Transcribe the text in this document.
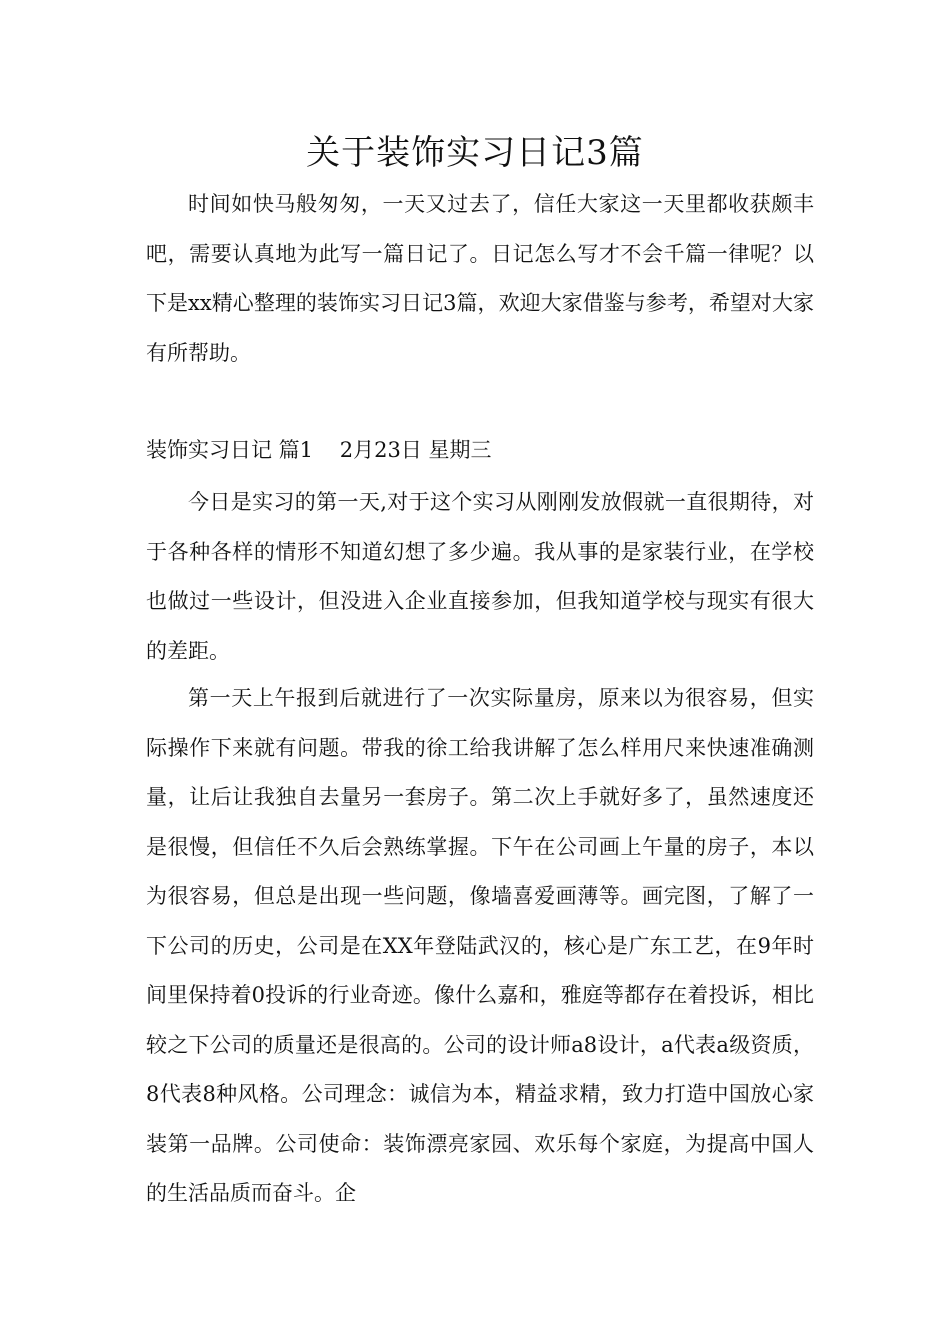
关于装饰实习日记3篇

时间如快马般匆匆，一天又过去了，信任大家这一天里都收获颇丰吧，需要认真地为此写一篇日记了。日记怎么写才不会千篇一律呢？以下是xx精心整理的装饰实习日记3篇，欢迎大家借鉴与参考，希望对大家有所帮助。

装饰实习日记 篇1    2月23日 星期三

今日是实习的第一天,对于这个实习从刚刚发放假就一直很期待，对于各种各样的情形不知道幻想了多少遍。我从事的是家装行业，在学校也做过一些设计，但没进入企业直接参加，但我知道学校与现实有很大的差距。

第一天上午报到后就进行了一次实际量房，原来以为很容易，但实际操作下来就有问题。带我的徐工给我讲解了怎么样用尺来快速准确测量，让后让我独自去量另一套房子。第二次上手就好多了，虽然速度还是很慢，但信任不久后会熟练掌握。下午在公司画上午量的房子，本以为很容易，但总是出现一些问题，像墙喜爱画薄等。画完图，了解了一下公司的历史，公司是在XX年登陆武汉的，核心是广东工艺，在9年时间里保持着0投诉的行业奇迹。像什么嘉和，雅庭等都存在着投诉，相比较之下公司的质量还是很高的。公司的设计师a8设计，a代表a级资质，8代表8种风格。公司理念：诚信为本，精益求精，致力打造中国放心家装第一品牌。公司使命：装饰漂亮家园、欢乐每个家庭，为提高中国人的生活品质而奋斗。企
